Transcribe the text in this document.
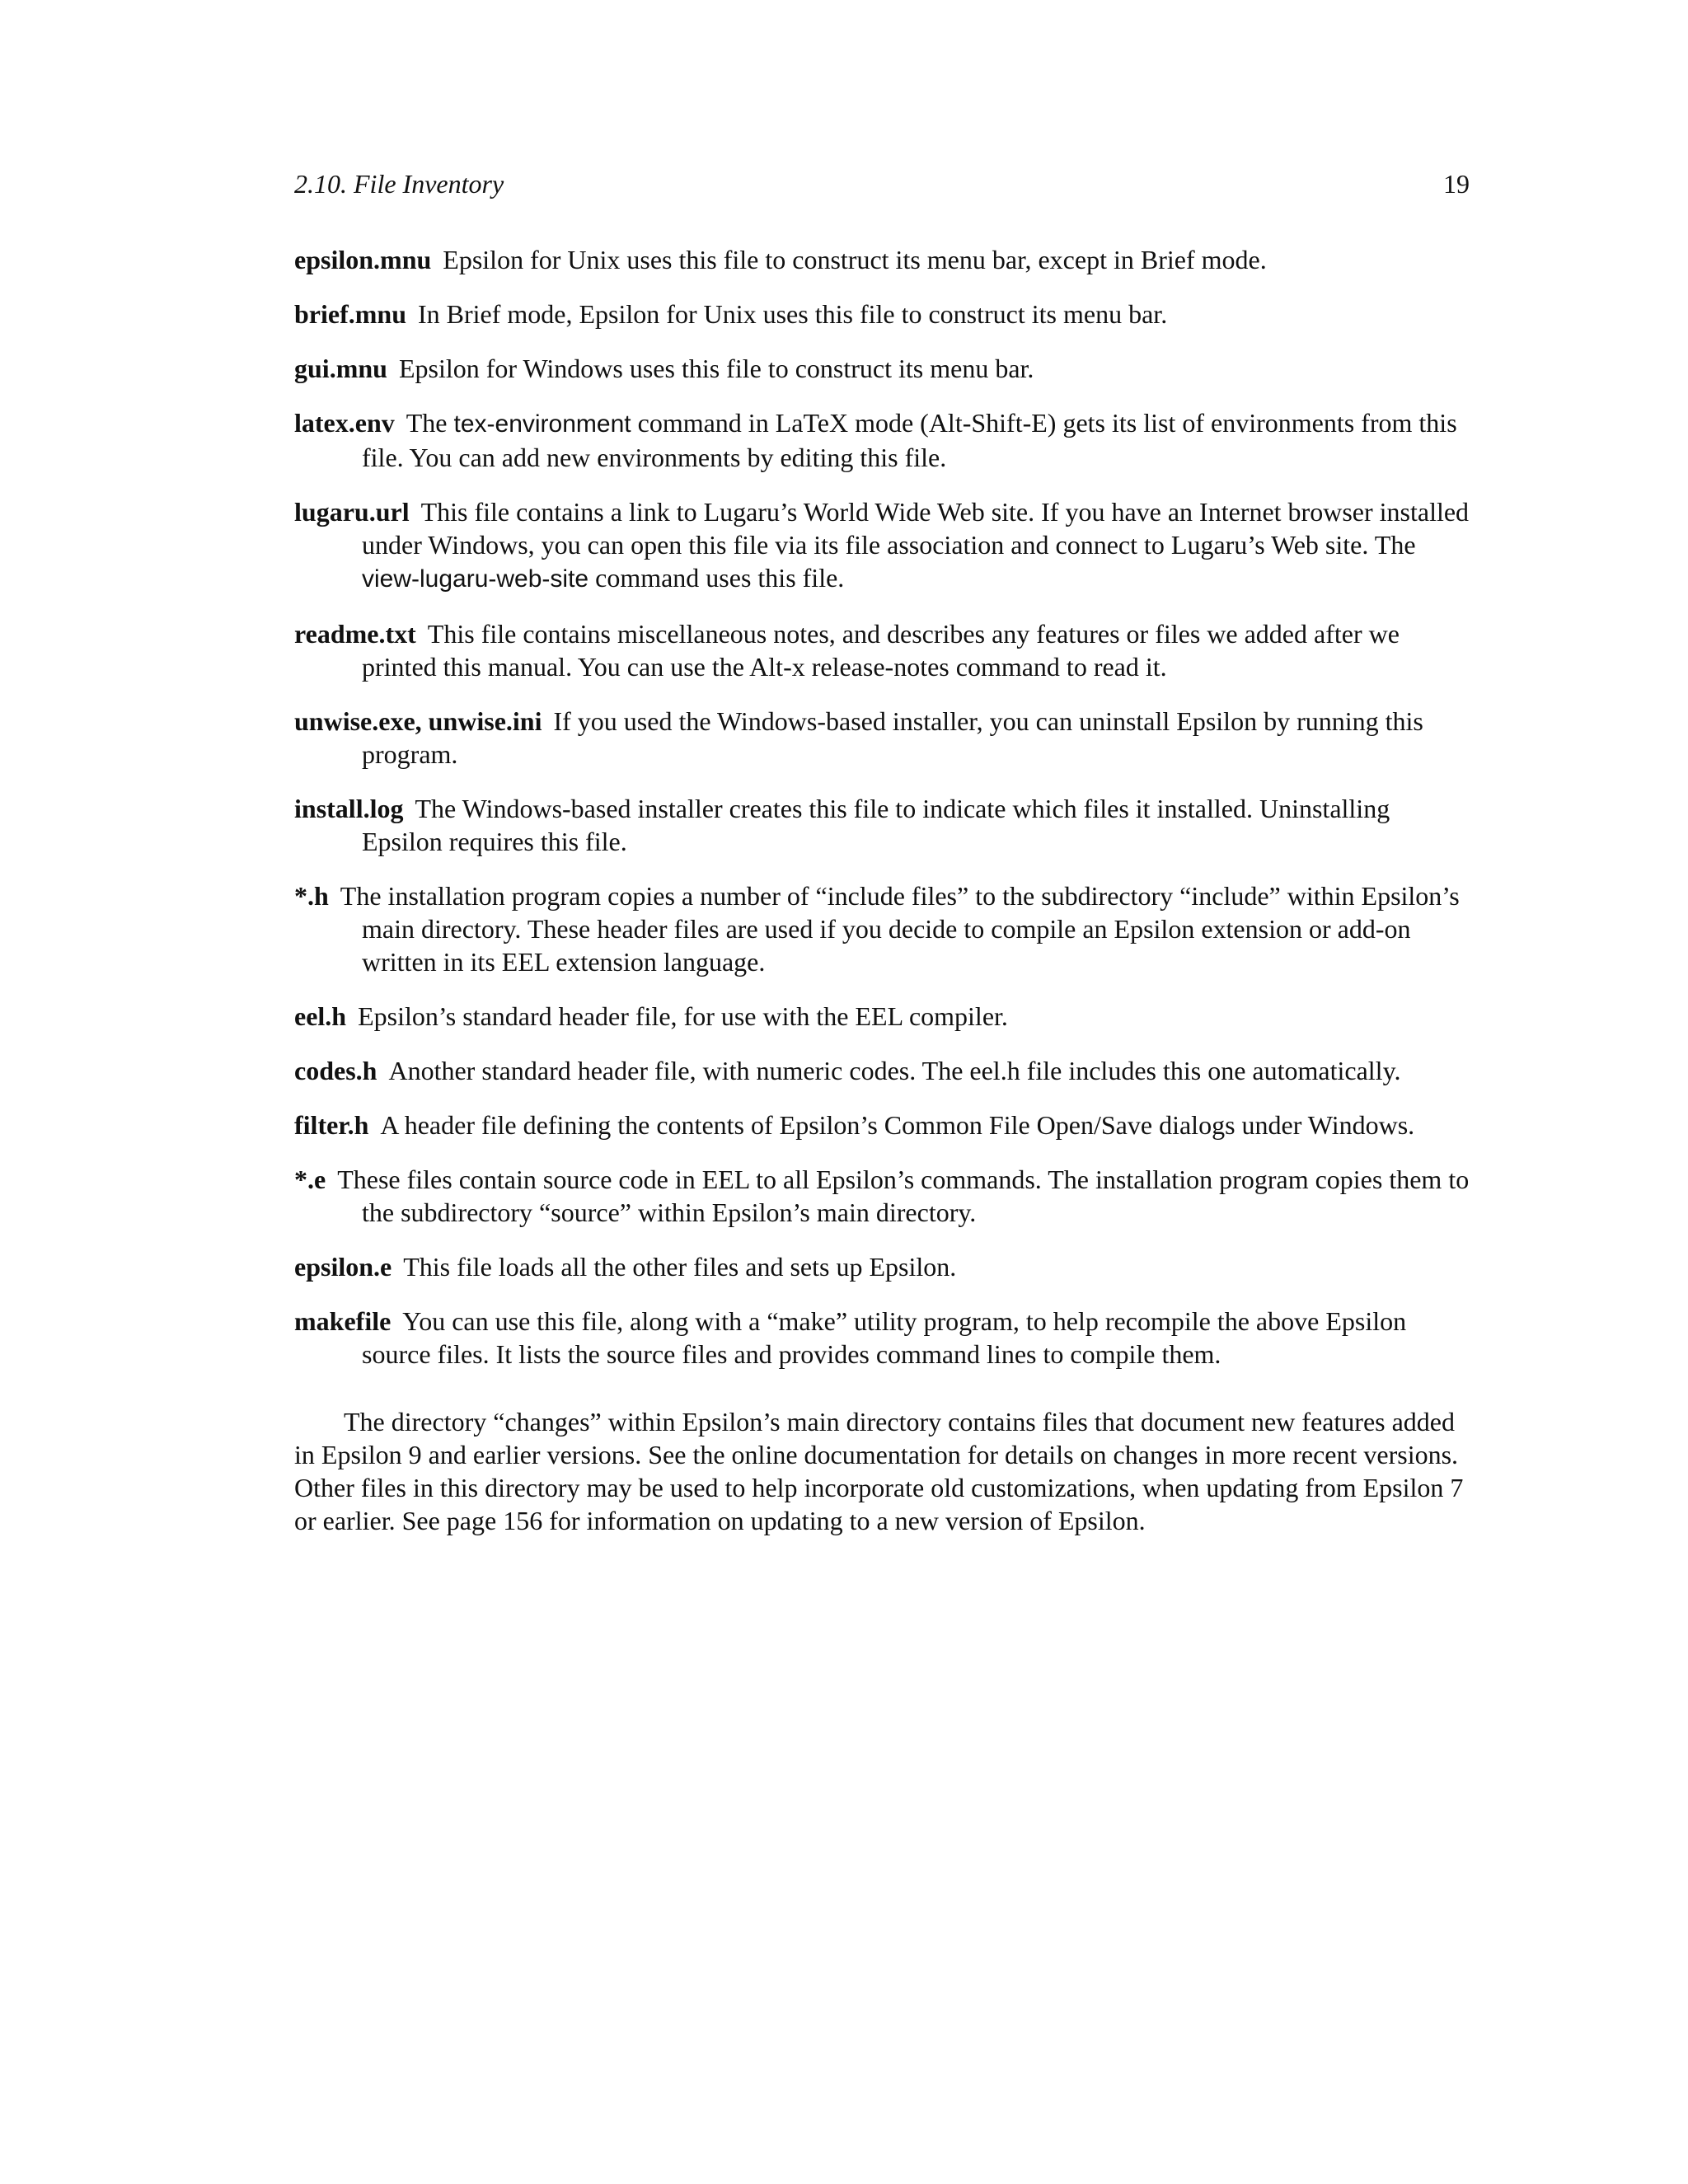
2.10. File Inventory	19

epsilon.mnu Epsilon for Unix uses this file to construct its menu bar, except in Brief mode.

brief.mnu In Brief mode, Epsilon for Unix uses this file to construct its menu bar.

gui.mnu Epsilon for Windows uses this file to construct its menu bar.

latex.env The tex-environment command in LaTeX mode (Alt-Shift-E) gets its list of environments from this file. You can add new environments by editing this file.

lugaru.url This file contains a link to Lugaru’s World Wide Web site. If you have an Internet browser installed under Windows, you can open this file via its file association and connect to Lugaru’s Web site. The view-lugaru-web-site command uses this file.

readme.txt This file contains miscellaneous notes, and describes any features or files we added after we printed this manual. You can use the Alt-x release-notes command to read it.

unwise.exe, unwise.ini If you used the Windows-based installer, you can uninstall Epsilon by running this program.

install.log The Windows-based installer creates this file to indicate which files it installed. Uninstalling Epsilon requires this file.

*.h The installation program copies a number of “include files” to the subdirectory “include” within Epsilon’s main directory. These header files are used if you decide to compile an Epsilon extension or add-on written in its EEL extension language.

eel.h Epsilon’s standard header file, for use with the EEL compiler.

codes.h Another standard header file, with numeric codes. The eel.h file includes this one automatically.

filter.h A header file defining the contents of Epsilon’s Common File Open/Save dialogs under Windows.

*.e These files contain source code in EEL to all Epsilon’s commands. The installation program copies them to the subdirectory “source” within Epsilon’s main directory.

epsilon.e This file loads all the other files and sets up Epsilon.

makefile You can use this file, along with a “make” utility program, to help recompile the above Epsilon source files. It lists the source files and provides command lines to compile them.

The directory “changes” within Epsilon’s main directory contains files that document new features added in Epsilon 9 and earlier versions. See the online documentation for details on changes in more recent versions. Other files in this directory may be used to help incorporate old customizations, when updating from Epsilon 7 or earlier. See page 156 for information on updating to a new version of Epsilon.
